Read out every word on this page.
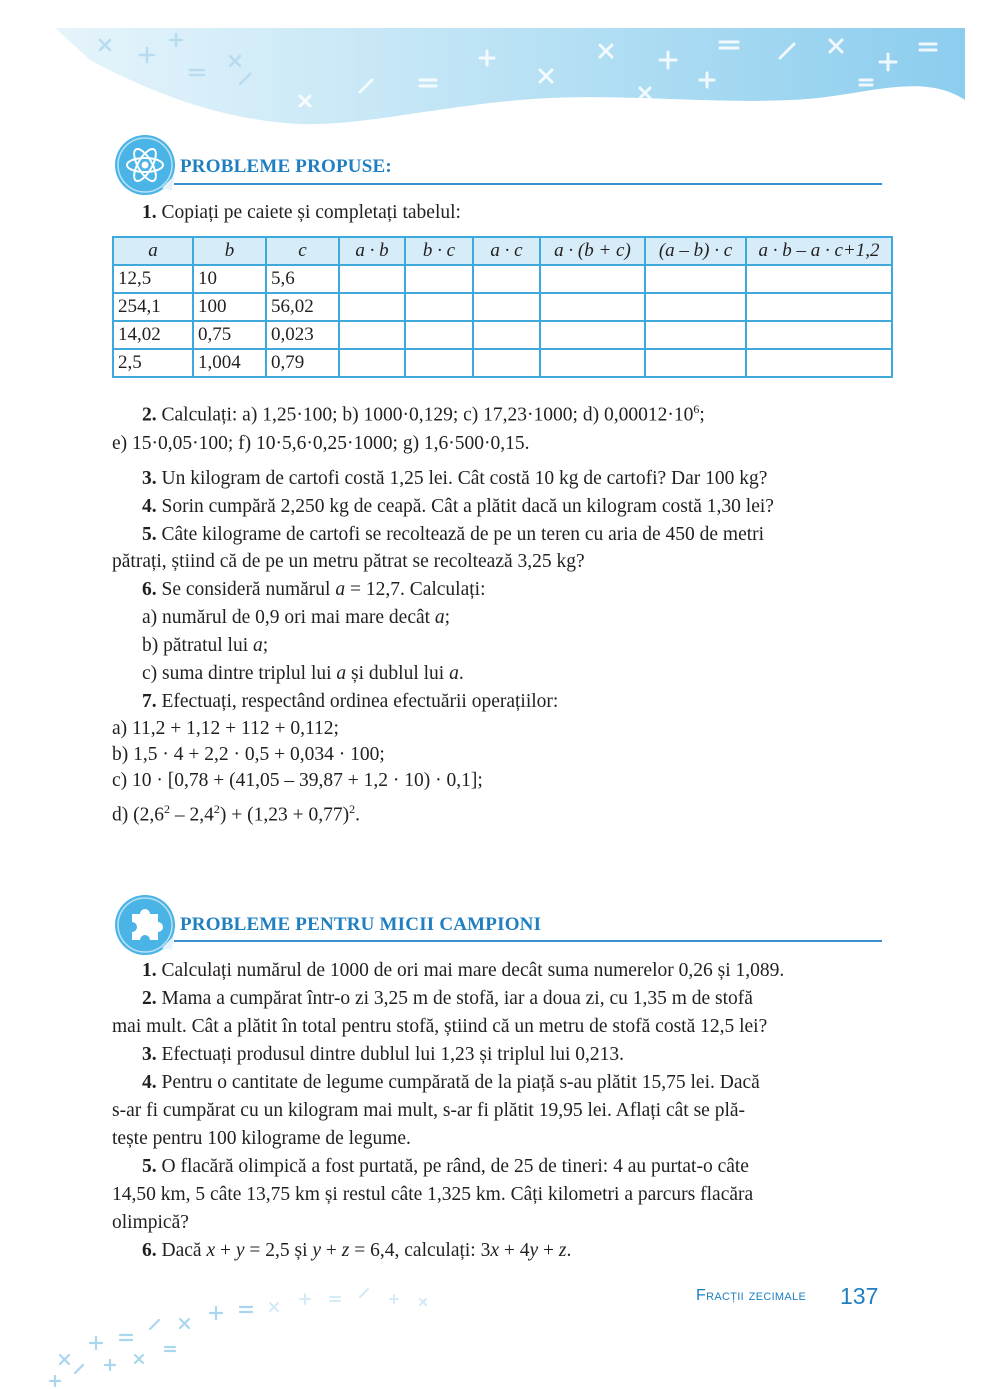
PROBLEME PROPUSE:
1. Copiați pe caiete și completați tabelul:
a	b	c	a · b	b · c	a · c	a · (b + c)	(a – b) · c	a · b – a · c+1,2
12,5	10	5,6						
254,1	100	56,02						
14,02	0,75	0,023						
2,5	1,004	0,79						
2. Calculați: a) 1,25·100; b) 1000·0,129; c) 17,23·1000; d) $0,00012\cdot 10^6$;
e) 15·0,05·100; f) 10·5,6·0,25·1000; g) 1,6·500·0,15.
3. Un kilogram de cartofi costă 1,25 lei. Cât costă 10 kg de cartofi? Dar 100 kg?
4. Sorin cumpără 2,250 kg de ceapă. Cât a plătit dacă un kilogram costă 1,30 lei?
5. Câte kilograme de cartofi se recoltează de pe un teren cu aria de 450 de metri
pătrați, știind că de pe un metru pătrat se recoltează 3,25 kg?
6. Se consideră numărul a = 12,7. Calculați:
a) numărul de 0,9 ori mai mare decât a;
b) pătratul lui a;
c) suma dintre triplul lui a și dublul lui a.
7. Efectuați, respectând ordinea efectuării operațiilor:
a) 11,2 + 1,12 + 112 + 0,112;
b) 1,5 · 4 + 2,2 · 0,5 + 0,034 · 100;
c) 10 · [0,78 + (41,05 – 39,87 + 1,2 · 10) · 0,1];
d) $(2,6^2 - 2,4^2) + (1,23 + 0,77)^2$.
PROBLEME PENTRU MICII CAMPIONI
1. Calculați numărul de 1000 de ori mai mare decât suma numerelor 0,26 și 1,089.
2. Mama a cumpărat într-o zi 3,25 m de stofă, iar a doua zi, cu 1,35 m de stofă
mai mult. Cât a plătit în total pentru stofă, știind că un metru de stofă costă 12,5 lei?
3. Efectuați produsul dintre dublul lui 1,23 și triplul lui 0,213.
4. Pentru o cantitate de legume cumpărată de la piață s-au plătit 15,75 lei. Dacă
s-ar fi cumpărat cu un kilogram mai mult, s-ar fi plătit 19,95 lei. Aflați cât se plă-
tește pentru 100 kilograme de legume.
5. O flacără olimpică a fost purtată, pe rând, de 25 de tineri: 4 au purtat-o câte
14,50 km, 5 câte 13,75 km și restul câte 1,325 km. Câți kilometri a parcurs flacăra
olimpică?
6. Dacă x + y = 2,5 și y + z = 6,4, calculați: 3x + 4y + z.
Fracții zecimale 137
